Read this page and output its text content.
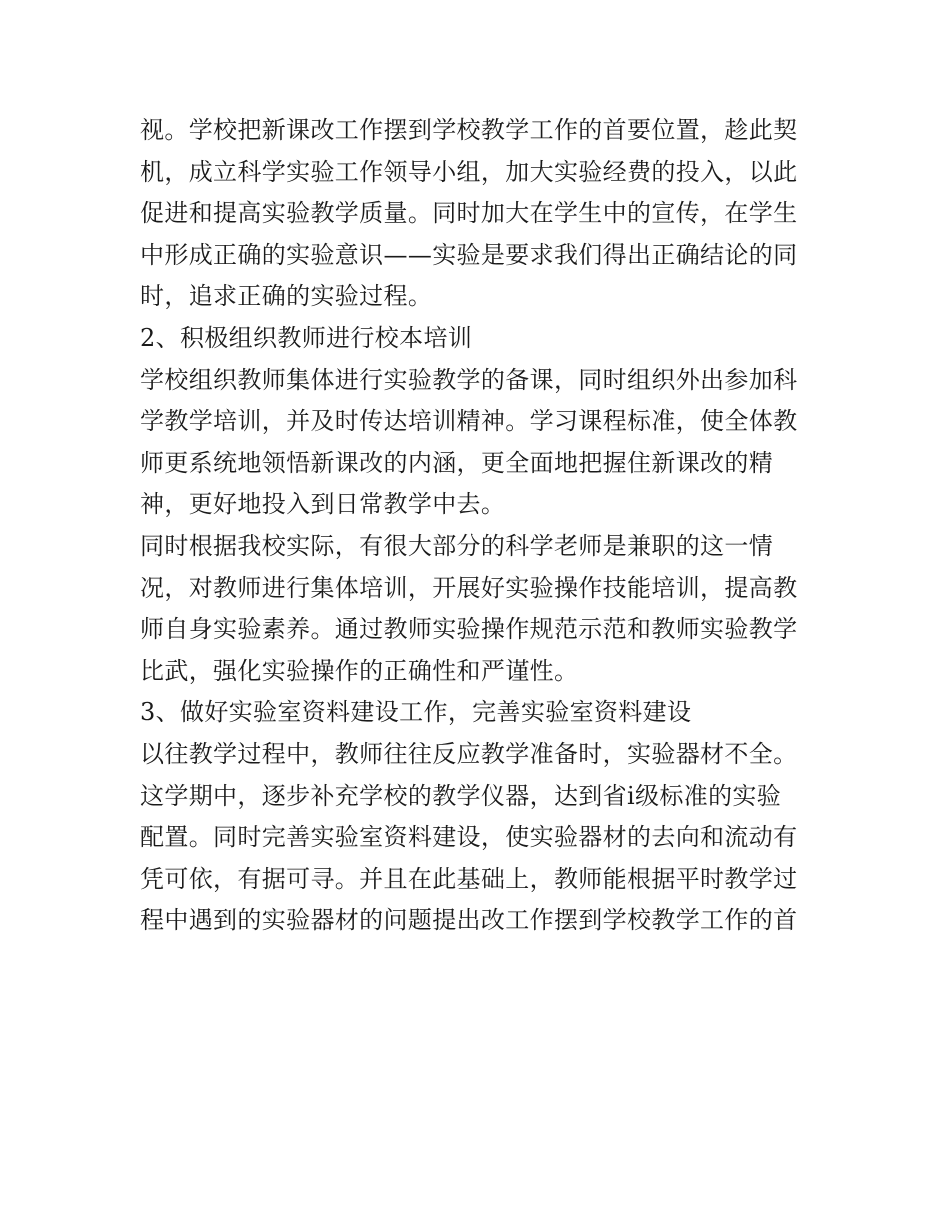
视。学校把新课改工作摆到学校教学工作的首要位置，趁此契
机，成立科学实验工作领导小组，加大实验经费的投入，以此
促进和提高实验教学质量。同时加大在学生中的宣传，在学生
中形成正确的实验意识——实验是要求我们得出正确结论的同
时，追求正确的实验过程。
2、积极组织教师进行校本培训
学校组织教师集体进行实验教学的备课，同时组织外出参加科
学教学培训，并及时传达培训精神。学习课程标准，使全体教
师更系统地领悟新课改的内涵，更全面地把握住新课改的精
神，更好地投入到日常教学中去。
同时根据我校实际，有很大部分的科学老师是兼职的这一情
况，对教师进行集体培训，开展好实验操作技能培训，提高教
师自身实验素养。通过教师实验操作规范示范和教师实验教学
比武，强化实验操作的正确性和严谨性。
3、做好实验室资料建设工作，完善实验室资料建设
以往教学过程中，教师往往反应教学准备时，实验器材不全。
这学期中，逐步补充学校的教学仪器，达到省ⅰ级标准的实验
配置。同时完善实验室资料建设，使实验器材的去向和流动有
凭可依，有据可寻。并且在此基础上，教师能根据平时教学过
程中遇到的实验器材的问题提出改工作摆到学校教学工作的首
